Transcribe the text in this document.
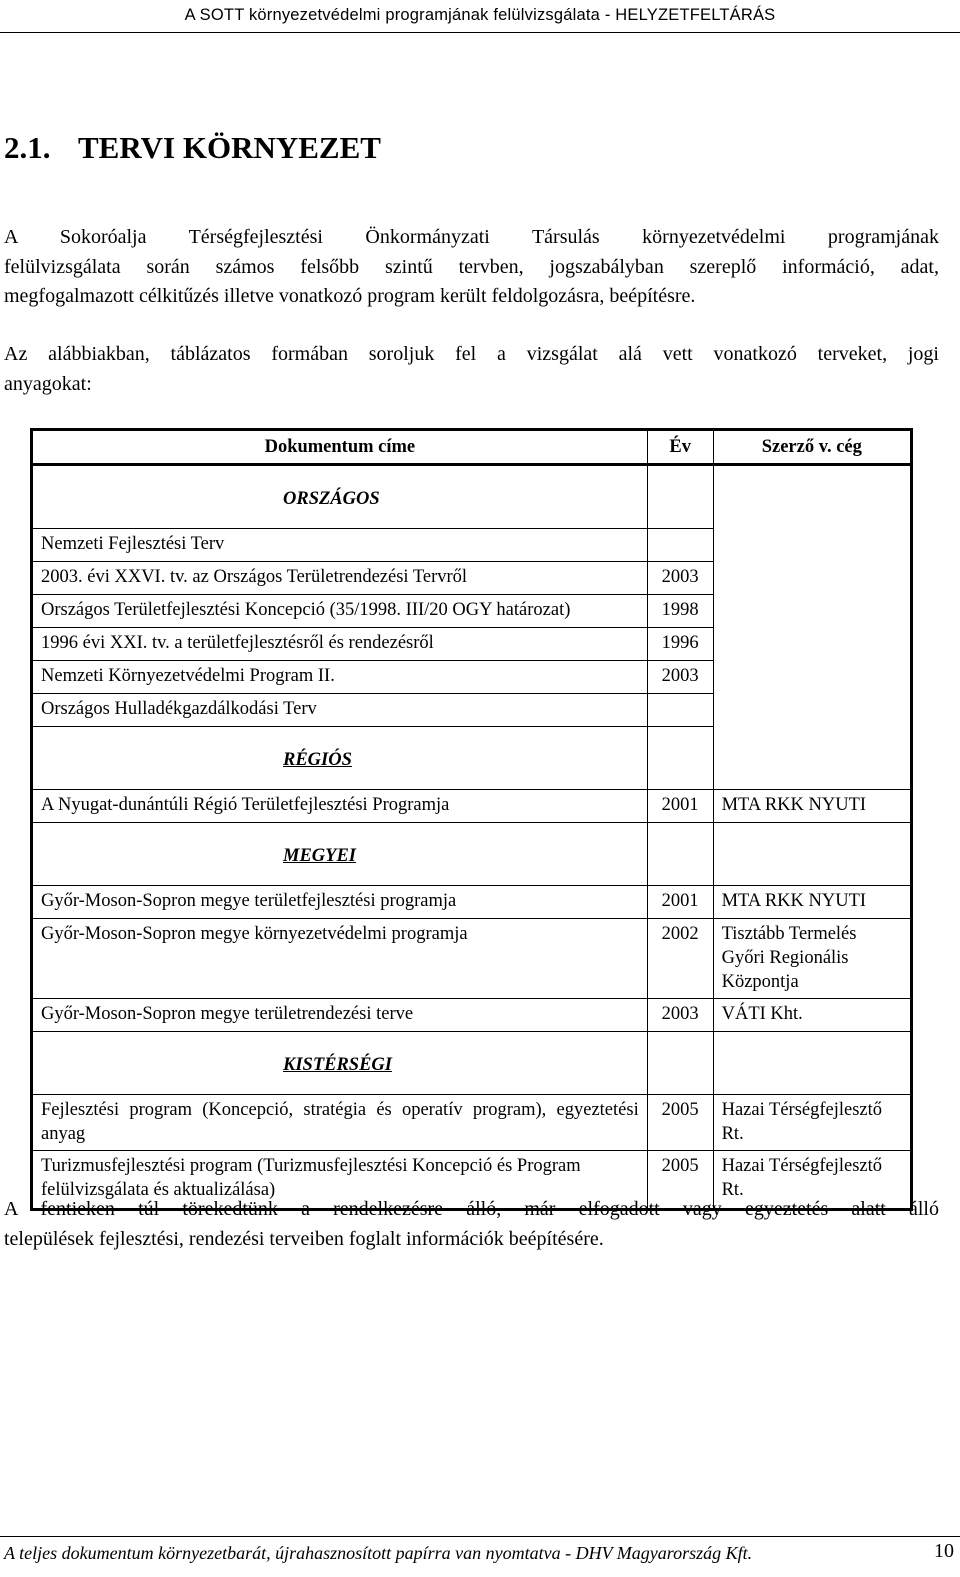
A SOTT környezetvédelmi programjának felülvizsgálata - HELYZETFELTÁRÁS
2.1. TERVI KÖRNYEZET
A Sokoróalja Térségfejlesztési Önkormányzati Társulás környezetvédelmi programjának
felülvizsgálata során számos felsőbb szintű tervben, jogszabályban szereplő információ, adat,
megfogalmazott célkitűzés illetve vonatkozó program került feldolgozásra, beépítésre.
Az alábbiakban, táblázatos formában soroljuk fel a vizsgálat alá vett vonatkozó terveket, jogi
anyagokat:
Dokumentum címe	Év	Szerző v. cég
ORSZÁGOS		
Nemzeti Fejlesztési Terv		
2003. évi XXVI. tv. az Országos Területrendezési Tervről	2003	
Országos Területfejlesztési Koncepció (35/1998. III/20 OGY határozat)	1998	
1996 évi XXI. tv. a területfejlesztésről és rendezésről	1996	
Nemzeti Környezetvédelmi Program II.	2003	
Országos Hulladékgazdálkodási Terv		
RÉGIÓS		
A Nyugat-dunántúli Régió Területfejlesztési Programja	2001	MTA RKK NYUTI
MEGYEI		
Győr-Moson-Sopron megye területfejlesztési programja	2001	MTA RKK NYUTI
Győr-Moson-Sopron megye környezetvédelmi programja	2002	Tisztább Termelés Győri Regionális Központja
Győr-Moson-Sopron megye területrendezési terve	2003	VÁTI Kht.
KISTÉRSÉGI		
Fejlesztési program (Koncepció, stratégia és operatív program), egyeztetési anyag	2005	Hazai Térségfejlesztő Rt.
Turizmusfejlesztési program (Turizmusfejlesztési Koncepció és Program felülvizsgálata és aktualizálása)	2005	Hazai Térségfejlesztő Rt.
A fentieken túl törekedtünk a rendelkezésre álló, már elfogadott vagy egyeztetés alatt álló
települések fejlesztési, rendezési terveiben foglalt információk beépítésére.
A teljes dokumentum környezetbarát, újrahasznosított papírra van nyomtatva - DHV Magyarország Kft.	10
